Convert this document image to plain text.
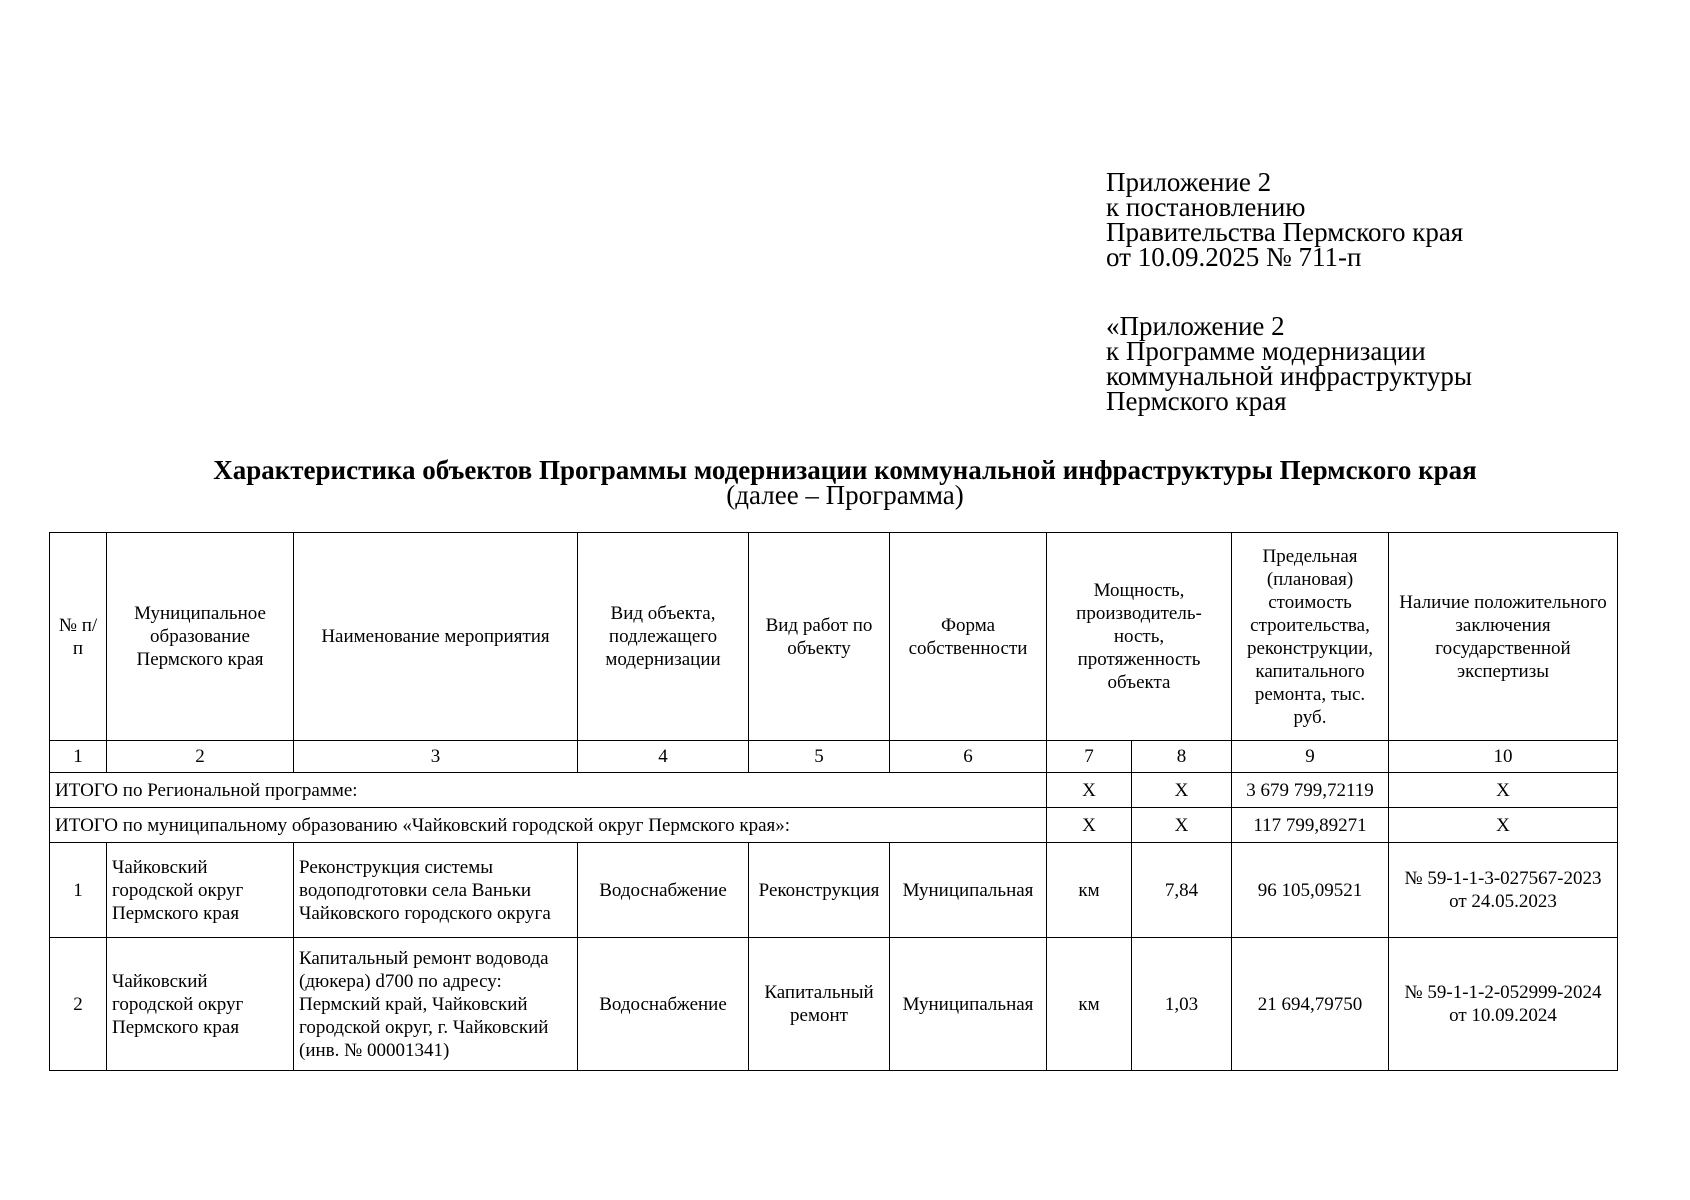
Приложение 2
к постановлению
Правительства Пермского края
от 10.09.2025 № 711-п
«Приложение 2
к Программе модернизации
коммунальной инфраструктуры
Пермского края
Характеристика объектов Программы модернизации коммунальной инфраструктуры Пермского края
(далее – Программа)
№ п/п	Муниципальное образование Пермского края	Наименование мероприятия	Вид объекта, подлежащего модернизации	Вид работ по объекту	Форма собственности	Мощность, производитель-ность, протяженность объекта		Предельная (плановая) стоимость строительства, реконструкции, капитального ремонта, тыс. руб.	Наличие положительного заключения государственной экспертизы
1	2	3	4	5	6	7	8	9	10
ИТОГО по Региональной программе:						Х	Х	3 679 799,72119	Х
ИТОГО по муниципальному образованию «Чайковский городской округ Пермского края»:						Х	Х	117 799,89271	Х
1	Чайковский городской округ Пермского края	Реконструкция системы водоподготовки села Ваньки Чайковского городского округа	Водоснабжение	Реконструкция	Муниципальная	км	7,84	96 105,09521	№ 59-1-1-3-027567-2023
от 24.05.2023

2	Чайковский городской округ Пермского края	Капитальный ремонт водовода (дюкера) d700 по адресу: Пермский край, Чайковский городской округ, г. Чайковский (инв. № 00001341)	Водоснабжение	Капитальный ремонт	Муниципальная	км	1,03	21 694,79750	№ 59-1-1-2-052999-2024
от 10.09.2024
